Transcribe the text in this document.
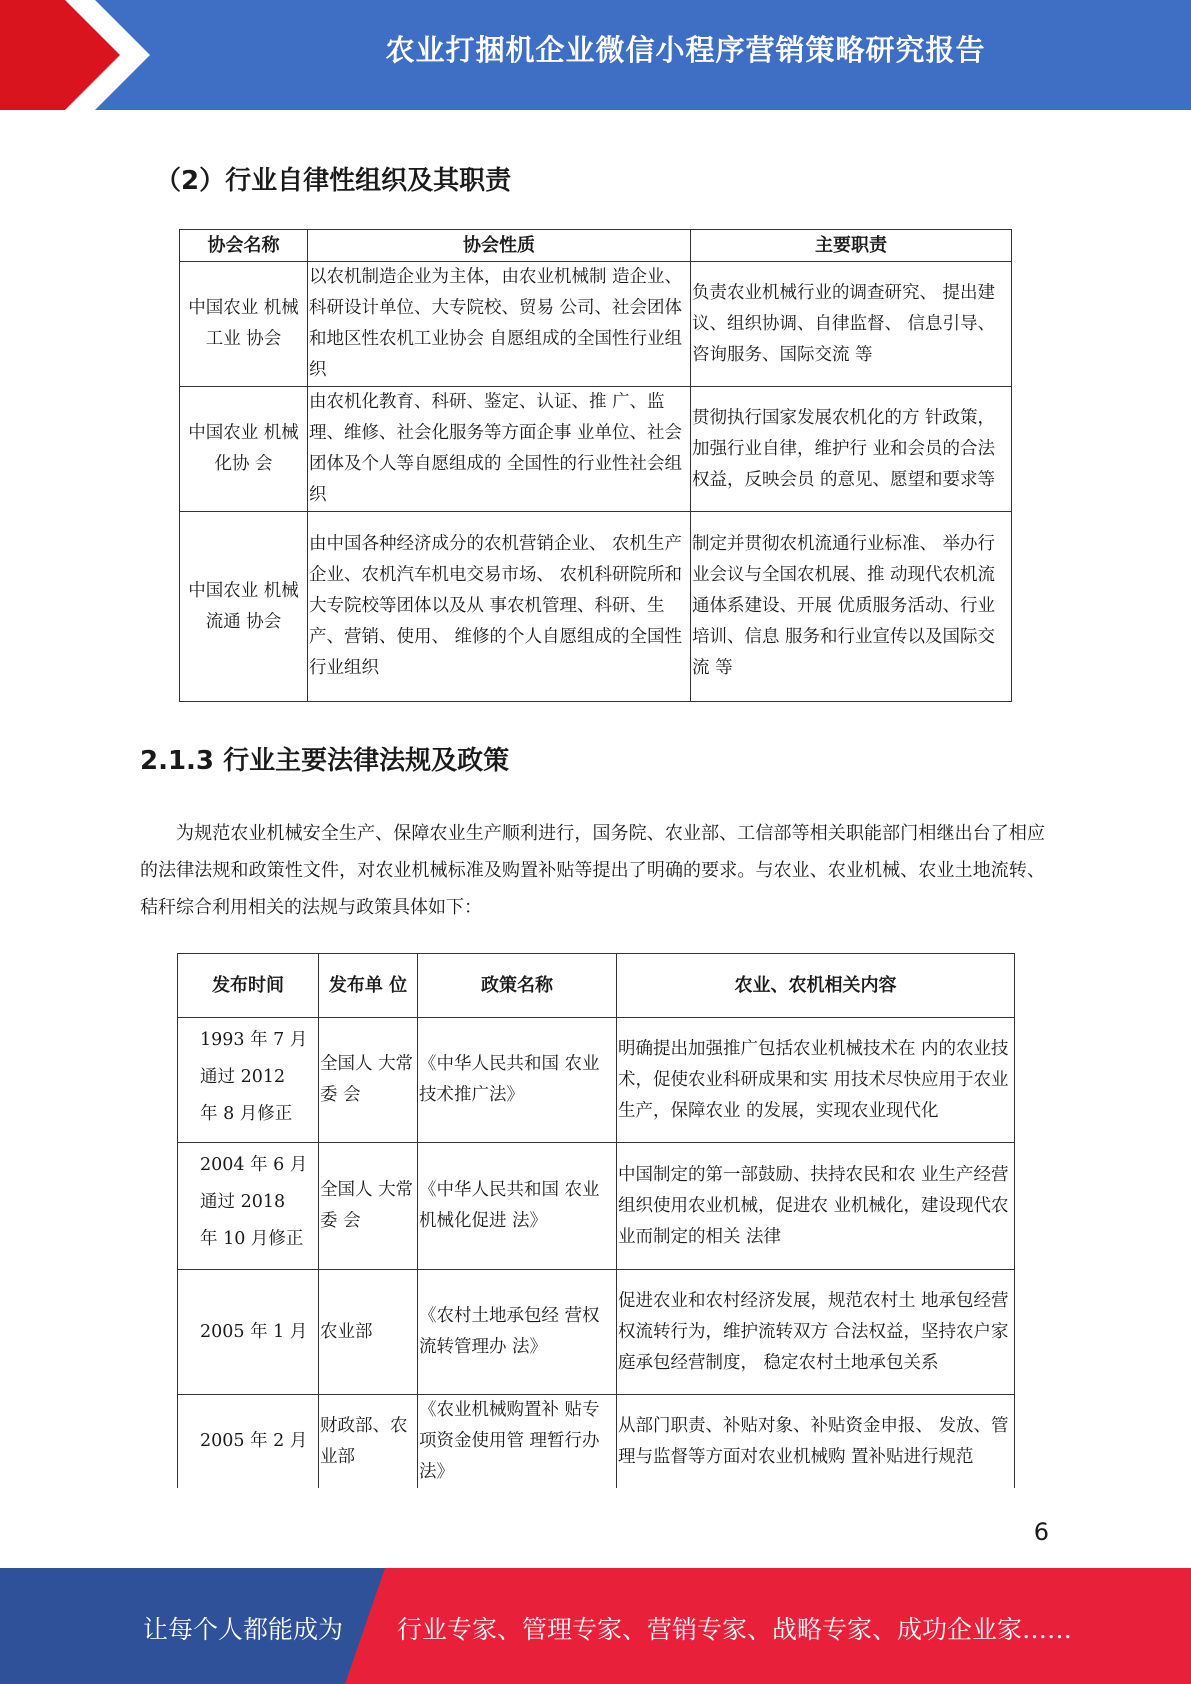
农业打捆机企业微信小程序营销策略研究报告
（2）行业自律性组织及其职责
协会名称	协会性质	主要职责
中国农业 机械工业 协会	以农机制造企业为主体，由农业机械制 造企业、科研设计单位、大专院校、贸易 公司、社会团体和地区性农机工业协会 自愿组成的全国性行业组织	负责农业机械行业的调查研究、 提出建议、组织协调、自律监督、 信息引导、咨询服务、国际交流 等
中国农业 机械化协 会	由农机化教育、科研、鉴定、认证、推 广、监理、维修、社会化服务等方面企事 业单位、社会团体及个人等自愿组成的 全国性的行业性社会组织	贯彻执行国家发展农机化的方 针政策，加强行业自律，维护行 业和会员的合法权益，反映会员 的意见、愿望和要求等
中国农业 机械流通 协会	由中国各种经济成分的农机营销企业、 农机生产企业、农机汽车机电交易市场、 农机科研院所和大专院校等团体以及从 事农机管理、科研、生产、营销、使用、 维修的个人自愿组成的全国性行业组织	制定并贯彻农机流通行业标准、 举办行业会议与全国农机展、推 动现代农机流通体系建设、开展 优质服务活动、行业培训、信息 服务和行业宣传以及国际交流 等
2.1.3 行业主要法律法规及政策

为规范农业机械安全生产、保障农业生产顺利进行，国务院、农业部、工信部等相关职能部门相继出台了相应的法律法规和政策性文件，对农业机械标准及购置补贴等提出了明确的要求。与农业、农业机械、农业土地流转、秸秆综合利用相关的法规与政策具体如下：

发布时间	发布单 位	政策名称	农业、农机相关内容

1993 年 7 月通过 2012 年 8 月修正	全国人 大常委 会	《中华人民共和国 农业技术推广法》	明确提出加强推广包括农业机械技术在 内的农业技术，促使农业科研成果和实 用技术尽快应用于农业生产，保障农业 的发展，实现农业现代化

2004 年 6 月通过 2018 年 10 月修正	全国人 大常委 会	《中华人民共和国 农业机械化促进 法》	中国制定的第一部鼓励、扶持农民和农 业生产经营组织使用农业机械，促进农 业机械化，建设现代农业而制定的相关 法律
2005 年 1 月	农业部	《农村土地承包经 营权流转管理办 法》	促进农业和农村经济发展，规范农村土 地承包经营权流转行为，维护流转双方 合法权益，坚持农户家庭承包经营制度， 稳定农村土地承包关系
2005 年 2 月	财政部、农业部	《农业机械购置补 贴专项资金使用管 理暂行办法》	从部门职责、补贴对象、补贴资金申报、 发放、管理与监督等方面对农业机械购 置补贴进行规范
6
让每个人都能成为 行业专家、管理专家、营销专家、战略专家、成功企业家……
